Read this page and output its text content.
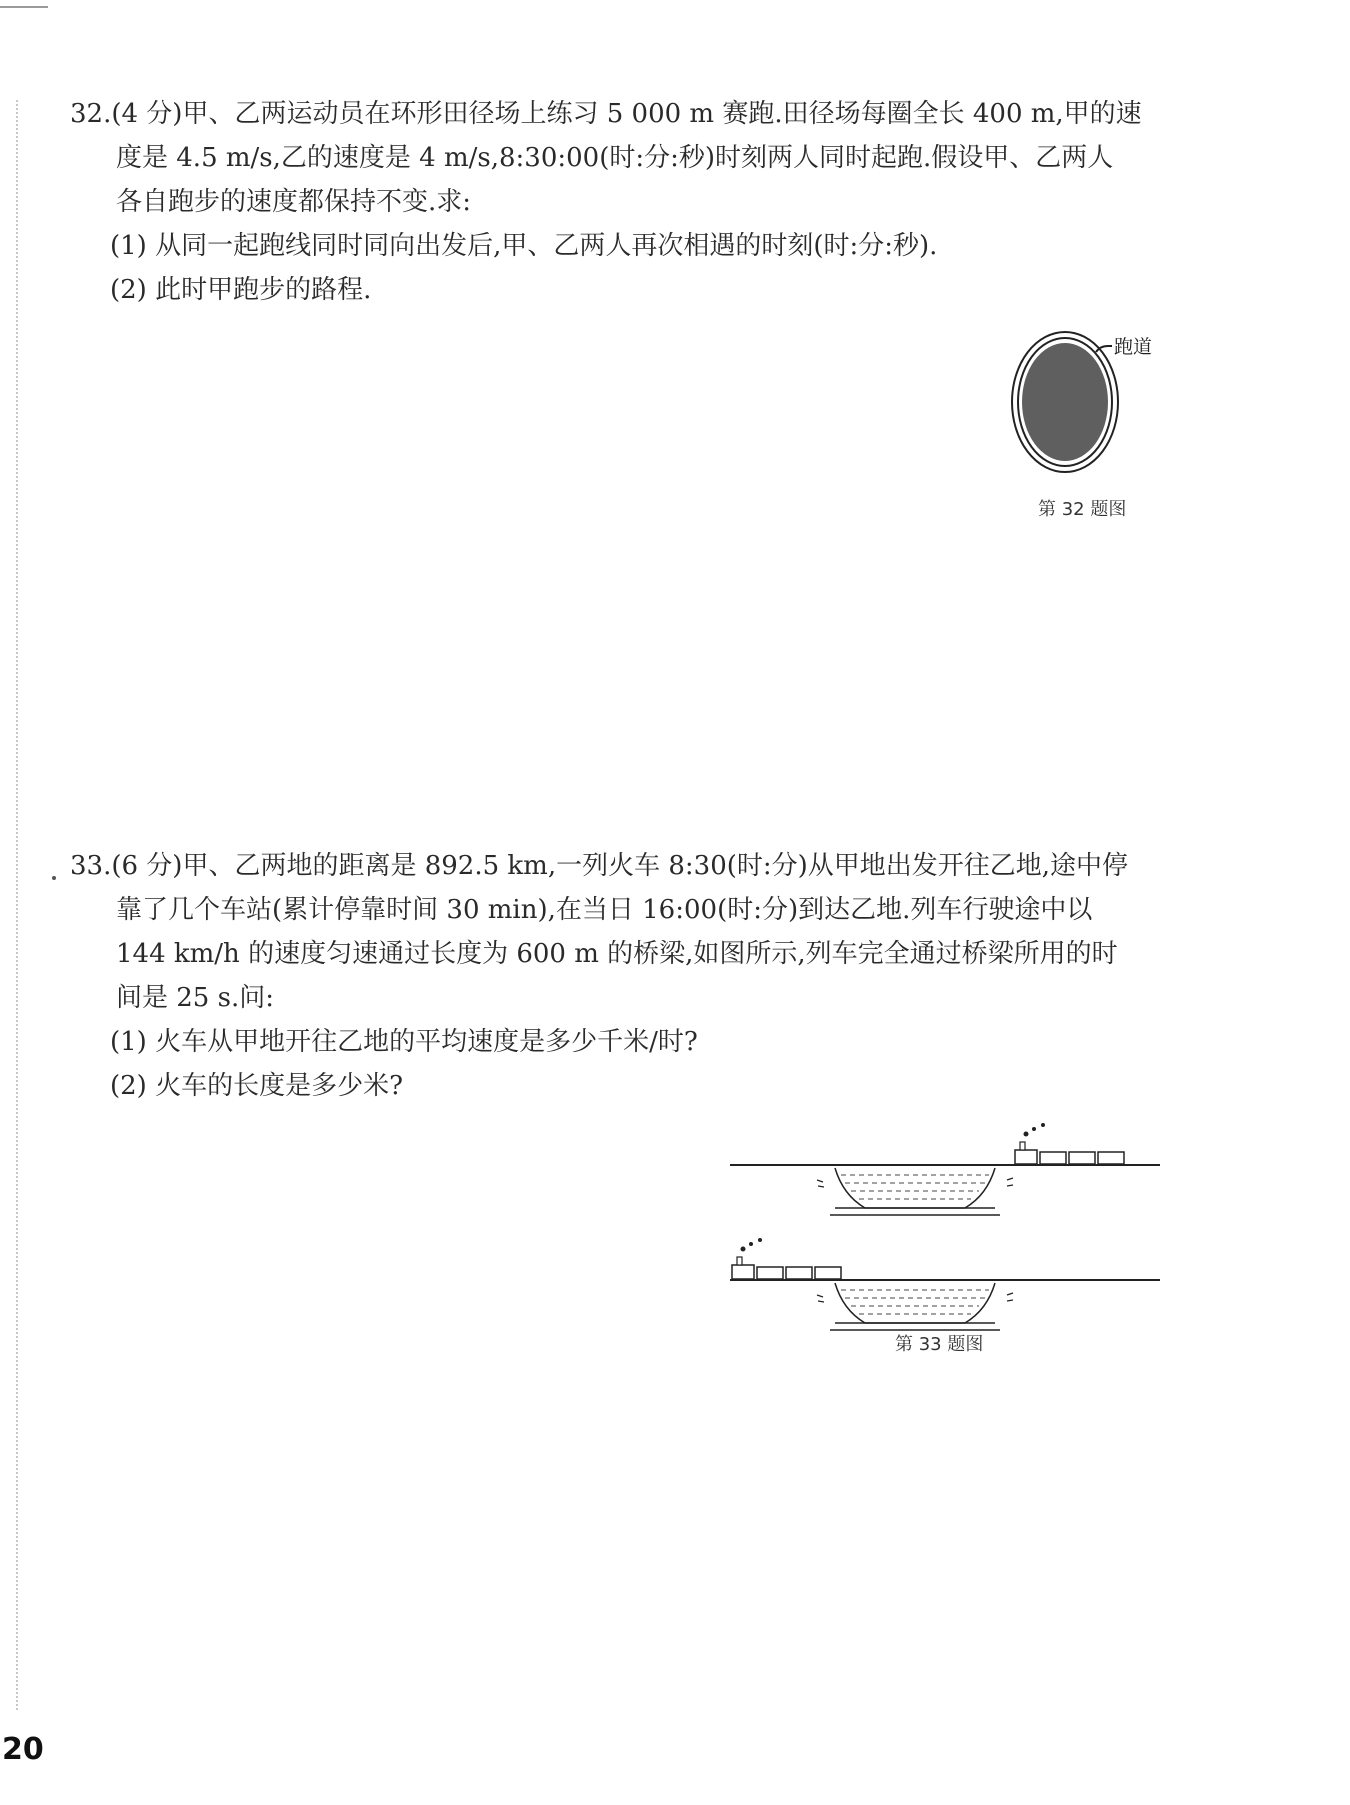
32.(4 分)甲、乙两运动员在环形田径场上练习 5 000 m 赛跑.田径场每圈全长 400 m,甲的速

度是 4.5 m/s,乙的速度是 4 m/s,8:30:00(时:分:秒)时刻两人同时起跑.假设甲、乙两人

各自跑步的速度都保持不变.求:

(1) 从同一起跑线同时同向出发后,甲、乙两人再次相遇的时刻(时:分:秒).

(2) 此时甲跑步的路程.

跑道
第 32 题图

33.(6 分)甲、乙两地的距离是 892.5 km,一列火车 8:30(时:分)从甲地出发开往乙地,途中停

靠了几个车站(累计停靠时间 30 min),在当日 16:00(时:分)到达乙地.列车行驶途中以

144 km/h 的速度匀速通过长度为 600 m 的桥梁,如图所示,列车完全通过桥梁所用的时

间是 25 s.问:

(1) 火车从甲地开往乙地的平均速度是多少千米/时?

(2) 火车的长度是多少米?

第 33 题图
20
